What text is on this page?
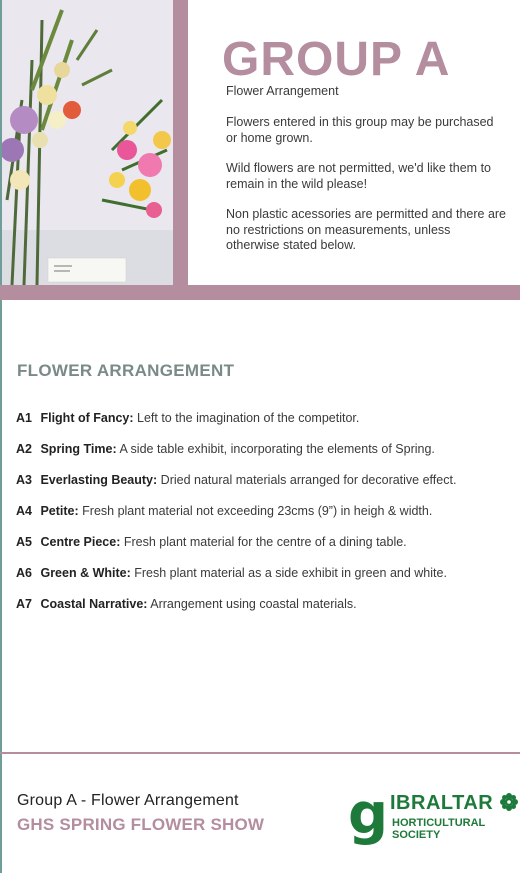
GROUP A
Flower Arrangement

Flowers entered in this group may be purchased or home grown.

Wild flowers are not permitted, we'd like them to remain in the wild please!

Non plastic acessories are permitted and there are no restrictions on measurements, unless otherwise stated below.

FLOWER ARRANGEMENT
A1 Flight of Fancy: Left to the imagination of the competitor.
A2 Spring Time: A side table exhibit, incorporating the elements of Spring.
A3 Everlasting Beauty: Dried natural materials arranged for decorative effect.
A4 Petite: Fresh plant material not exceeding 23cms (9”) in heigh & width.
A5 Centre Piece: Fresh plant material for the centre of a dining table.
A6 Green & White: Fresh plant material as a side exhibit in green and white.
A7 Coastal Narrative: Arrangement using coastal materials.
Group A - Flower Arrangement
GHS SPRING FLOWER SHOW g IBRALTAR
HORTICULTURAL
SOCIETY
